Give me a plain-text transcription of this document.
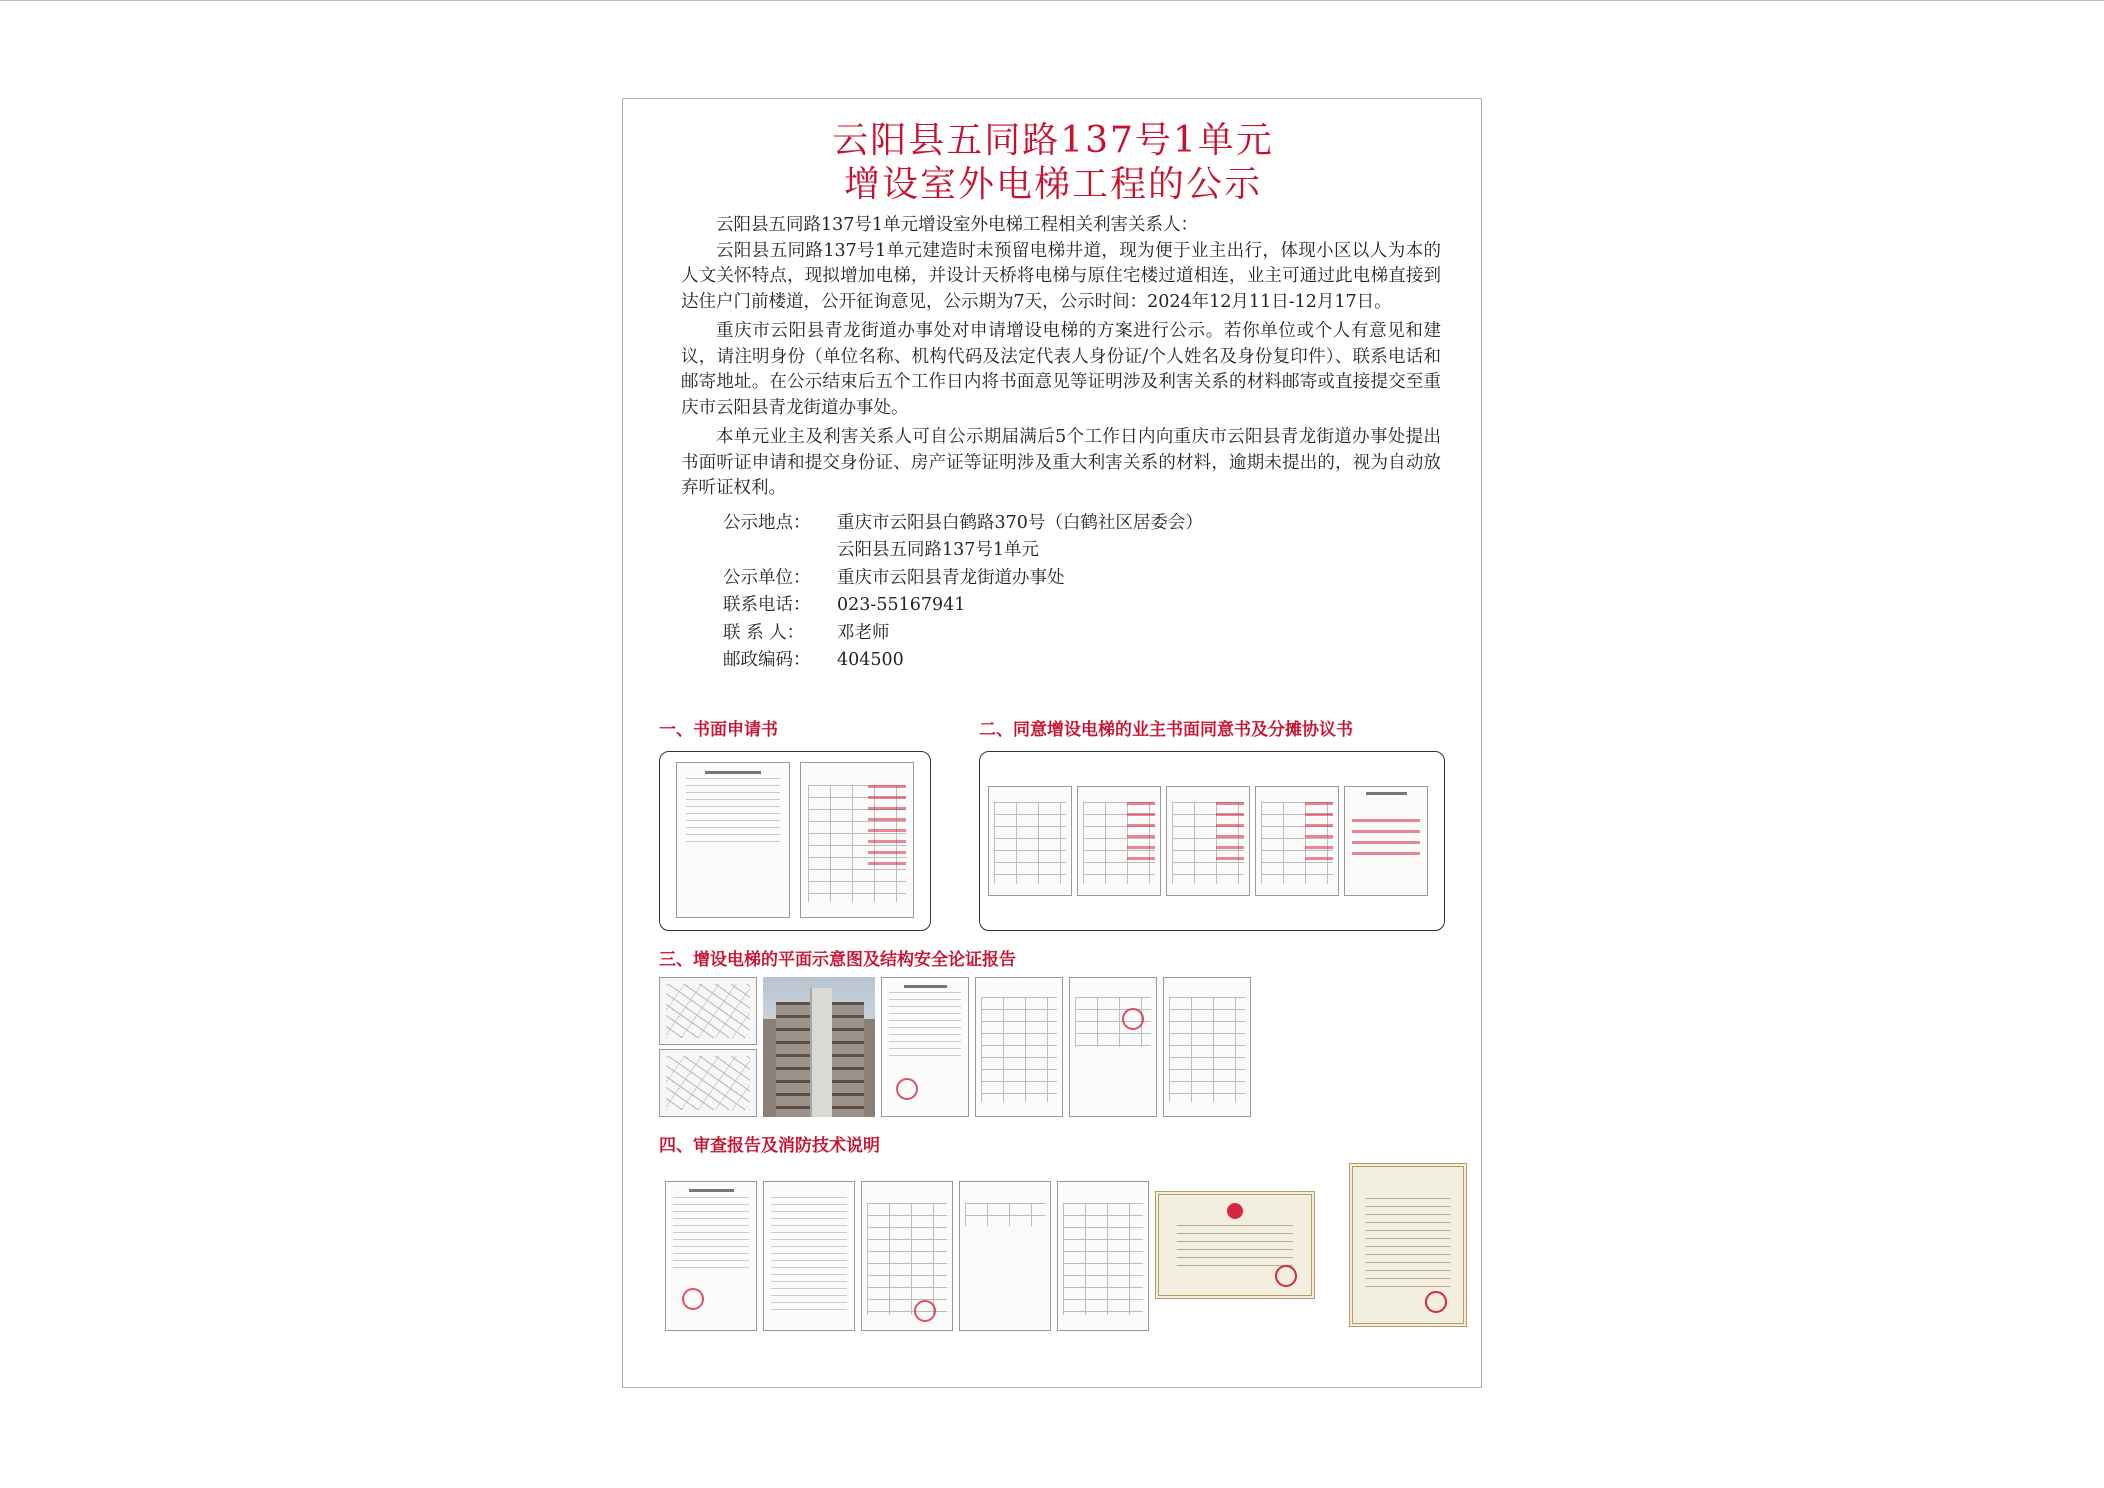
云阳县五同路137号1单元
增设室外电梯工程的公示

云阳县五同路137号1单元增设室外电梯工程相关利害关系人：

云阳县五同路137号1单元建造时未预留电梯井道，现为便于业主出行，体现小区以人为本的人文关怀特点，现拟增加电梯，并设计天桥将电梯与原住宅楼过道相连，业主可通过此电梯直接到达住户门前楼道，公开征询意见，公示期为7天，公示时间：2024年12月11日-12月17日。

重庆市云阳县青龙街道办事处对申请增设电梯的方案进行公示。若你单位或个人有意见和建议，请注明身份（单位名称、机构代码及法定代表人身份证/个人姓名及身份复印件）、联系电话和邮寄地址。在公示结束后五个工作日内将书面意见等证明涉及利害关系的材料邮寄或直接提交至重庆市云阳县青龙街道办事处。

本单元业主及利害关系人可自公示期届满后5个工作日内向重庆市云阳县青龙街道办事处提出书面听证申请和提交身份证、房产证等证明涉及重大利害关系的材料，逾期未提出的，视为自动放弃听证权利。

公示地点：	重庆市云阳县白鹤路370号（白鹤社区居委会）
云阳县五同路137号1单元
公示单位：	重庆市云阳县青龙街道办事处
联系电话：	023-55167941
联 系 人：	邓老师
邮政编码：	404500
一、书面申请书	二、同意增设电梯的业主书面同意书及分摊协议书
三、增设电梯的平面示意图及结构安全论证报告
四、审查报告及消防技术说明
